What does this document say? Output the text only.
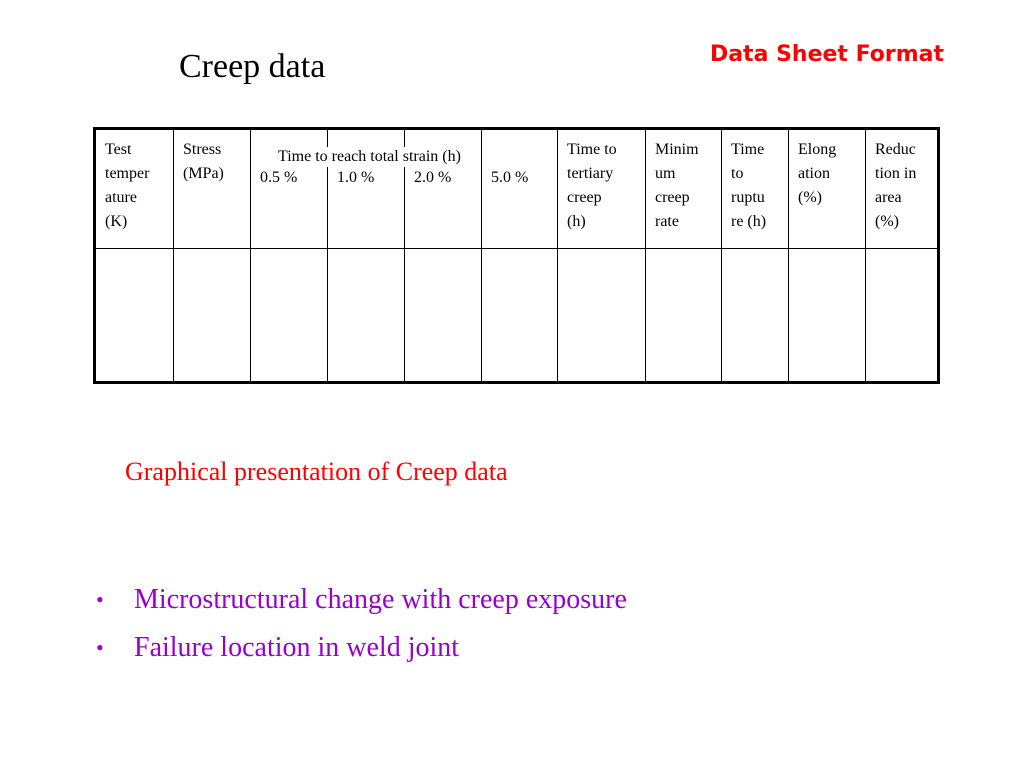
Creep data	Data Sheet Format
Test
temper
ature
(K)
Stress
(MPa)	0.5 % 1.0 % 2.0 % 5.0 %
Time to
tertiary
creep
(h)
Minim
um
creep
rate
Time
to
ruptu
re (h)
Elong
ation
(%)
Reduc
tion in
area
(%)
Time to reach total strain (h)
Graphical presentation of Creep data
• Microstructural change with creep exposure
• Failure location in weld joint
